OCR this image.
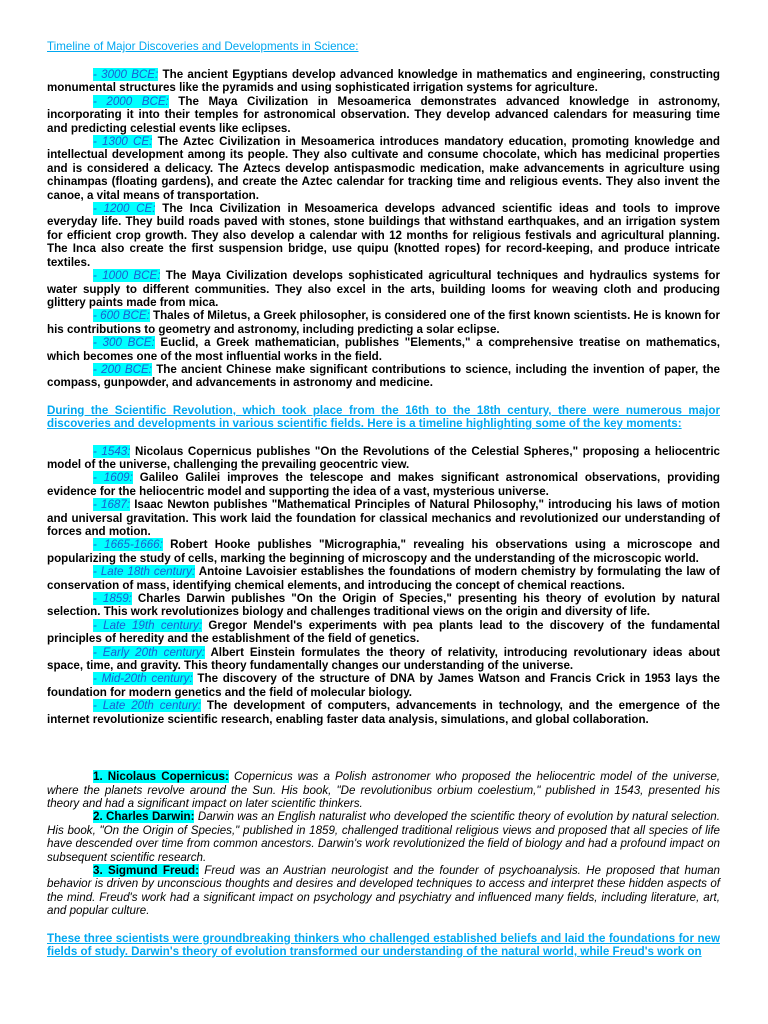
Timeline of Major Discoveries and Developments in Science:

- 3000 BCE: The ancient Egyptians develop advanced knowledge in mathematics and engineering, constructing monumental structures like the pyramids and using sophisticated irrigation systems for agriculture.

- 2000 BCE: The Maya Civilization in Mesoamerica demonstrates advanced knowledge in astronomy, incorporating it into their temples for astronomical observation. They develop advanced calendars for measuring time and predicting celestial events like eclipses.

- 1300 CE: The Aztec Civilization in Mesoamerica introduces mandatory education, promoting knowledge and intellectual development among its people. They also cultivate and consume chocolate, which has medicinal properties and is considered a delicacy. The Aztecs develop antispasmodic medication, make advancements in agriculture using chinampas (floating gardens), and create the Aztec calendar for tracking time and religious events. They also invent the canoe, a vital means of transportation.

- 1200 CE: The Inca Civilization in Mesoamerica develops advanced scientific ideas and tools to improve everyday life. They build roads paved with stones, stone buildings that withstand earthquakes, and an irrigation system for efficient crop growth. They also develop a calendar with 12 months for religious festivals and agricultural planning. The Inca also create the first suspension bridge, use quipu (knotted ropes) for record-keeping, and produce intricate textiles.

- 1000 BCE: The Maya Civilization develops sophisticated agricultural techniques and hydraulics systems for water supply to different communities. They also excel in the arts, building looms for weaving cloth and producing glittery paints made from mica.

- 600 BCE: Thales of Miletus, a Greek philosopher, is considered one of the first known scientists. He is known for his contributions to geometry and astronomy, including predicting a solar eclipse.

- 300 BCE: Euclid, a Greek mathematician, publishes "Elements," a comprehensive treatise on mathematics, which becomes one of the most influential works in the field.

- 200 BCE: The ancient Chinese make significant contributions to science, including the invention of paper, the compass, gunpowder, and advancements in astronomy and medicine.

During the Scientific Revolution, which took place from the 16th to the 18th century, there were numerous major discoveries and developments in various scientific fields. Here is a timeline highlighting some of the key moments:

- 1543: Nicolaus Copernicus publishes "On the Revolutions of the Celestial Spheres," proposing a heliocentric model of the universe, challenging the prevailing geocentric view.

- 1609: Galileo Galilei improves the telescope and makes significant astronomical observations, providing evidence for the heliocentric model and supporting the idea of a vast, mysterious universe.

- 1687: Isaac Newton publishes "Mathematical Principles of Natural Philosophy," introducing his laws of motion and universal gravitation. This work laid the foundation for classical mechanics and revolutionized our understanding of forces and motion.

- 1665-1666: Robert Hooke publishes "Micrographia," revealing his observations using a microscope and popularizing the study of cells, marking the beginning of microscopy and the understanding of the microscopic world.

- Late 18th century: Antoine Lavoisier establishes the foundations of modern chemistry by formulating the law of conservation of mass, identifying chemical elements, and introducing the concept of chemical reactions.

- 1859: Charles Darwin publishes "On the Origin of Species," presenting his theory of evolution by natural selection. This work revolutionizes biology and challenges traditional views on the origin and diversity of life.

- Late 19th century: Gregor Mendel's experiments with pea plants lead to the discovery of the fundamental principles of heredity and the establishment of the field of genetics.

- Early 20th century: Albert Einstein formulates the theory of relativity, introducing revolutionary ideas about space, time, and gravity. This theory fundamentally changes our understanding of the universe.

- Mid-20th century: The discovery of the structure of DNA by James Watson and Francis Crick in 1953 lays the foundation for modern genetics and the field of molecular biology.

- Late 20th century: The development of computers, advancements in technology, and the emergence of the internet revolutionize scientific research, enabling faster data analysis, simulations, and global collaboration.

1. Nicolaus Copernicus: Copernicus was a Polish astronomer who proposed the heliocentric model of the universe, where the planets revolve around the Sun. His book, "De revolutionibus orbium coelestium," published in 1543, presented his theory and had a significant impact on later scientific thinkers.

2. Charles Darwin: Darwin was an English naturalist who developed the scientific theory of evolution by natural selection. His book, "On the Origin of Species," published in 1859, challenged traditional religious views and proposed that all species of life have descended over time from common ancestors. Darwin's work revolutionized the field of biology and had a profound impact on subsequent scientific research.

3. Sigmund Freud: Freud was an Austrian neurologist and the founder of psychoanalysis. He proposed that human behavior is driven by unconscious thoughts and desires and developed techniques to access and interpret these hidden aspects of the mind. Freud's work had a significant impact on psychology and psychiatry and influenced many fields, including literature, art, and popular culture.

These three scientists were groundbreaking thinkers who challenged established beliefs and laid the foundations for new fields of study. Darwin's theory of evolution transformed our understanding of the natural world, while Freud's work on
